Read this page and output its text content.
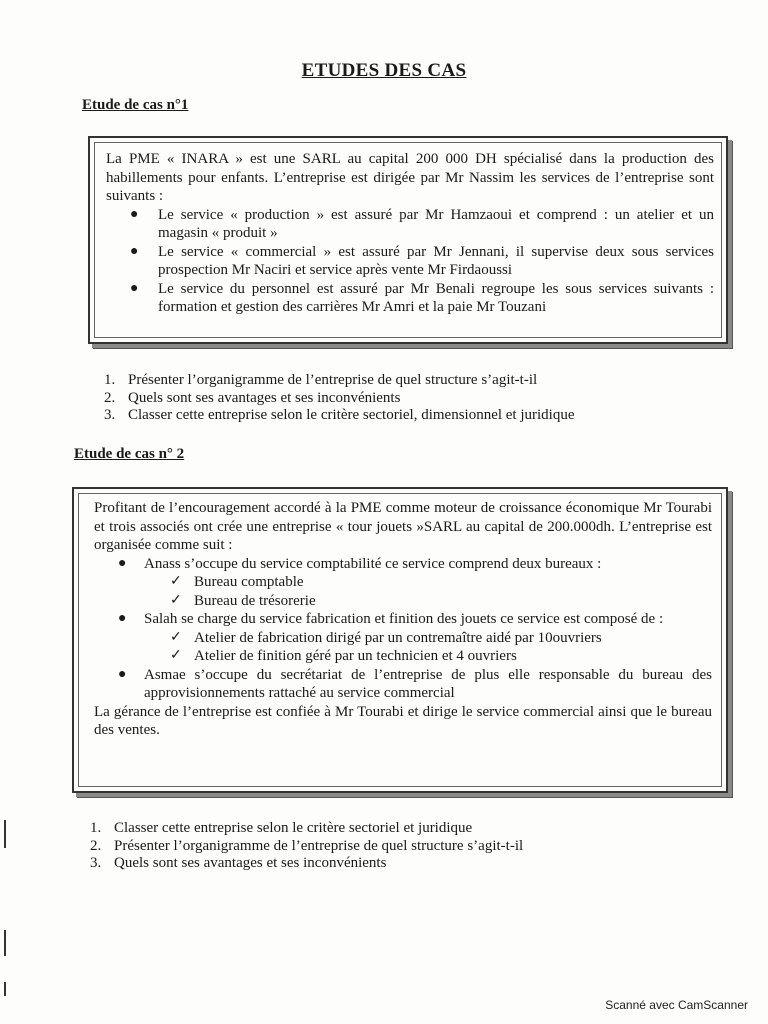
ETUDES DES CAS
Etude de cas n°1

La PME « INARA » est une SARL au capital 200 000 DH spécialisé dans la production des habillements pour enfants. L’entreprise est dirigée par Mr Nassim les services de l’entreprise sont suivants :

● Le service « production » est assuré par Mr Hamzaoui et comprend : un atelier et un magasin « produit »
● Le service « commercial » est assuré par Mr Jennani, il supervise deux sous services prospection Mr Naciri et service après vente Mr Firdaoussi
● Le service du personnel est assuré par Mr Benali regroupe les sous services suivants : formation et gestion des carrières Mr Amri et la paie Mr Touzani
1. Présenter l’organigramme de l’entreprise de quel structure s’agit-t-il
2. Quels sont ses avantages et ses inconvénients
3. Classer cette entreprise selon le critère sectoriel, dimensionnel et juridique
Etude de cas n° 2

Profitant de l’encouragement accordé à la PME comme moteur de croissance économique Mr Tourabi et trois associés ont crée une entreprise « tour jouets »SARL au capital de 200.000dh. L’entreprise est organisée comme suit :

● Anass s’occupe du service comptabilité ce service comprend deux bureaux :
✓ Bureau comptable
✓ Bureau de trésorerie
● Salah se charge du service fabrication et finition des jouets ce service est composé de :
✓ Atelier de fabrication dirigé par un contremaître aidé par 10ouvriers
✓ Atelier de finition géré par un technicien et 4 ouvriers
● Asmae s’occupe du secrétariat de l’entreprise de plus elle responsable du bureau des approvisionnements rattaché au service commercial

La gérance de l’entreprise est confiée à Mr Tourabi et dirige le service commercial ainsi que le bureau des ventes.

1. Classer cette entreprise selon le critère sectoriel et juridique
2. Présenter l’organigramme de l’entreprise de quel structure s’agit-t-il
3. Quels sont ses avantages et ses inconvénients
Scanné avec CamScanner
